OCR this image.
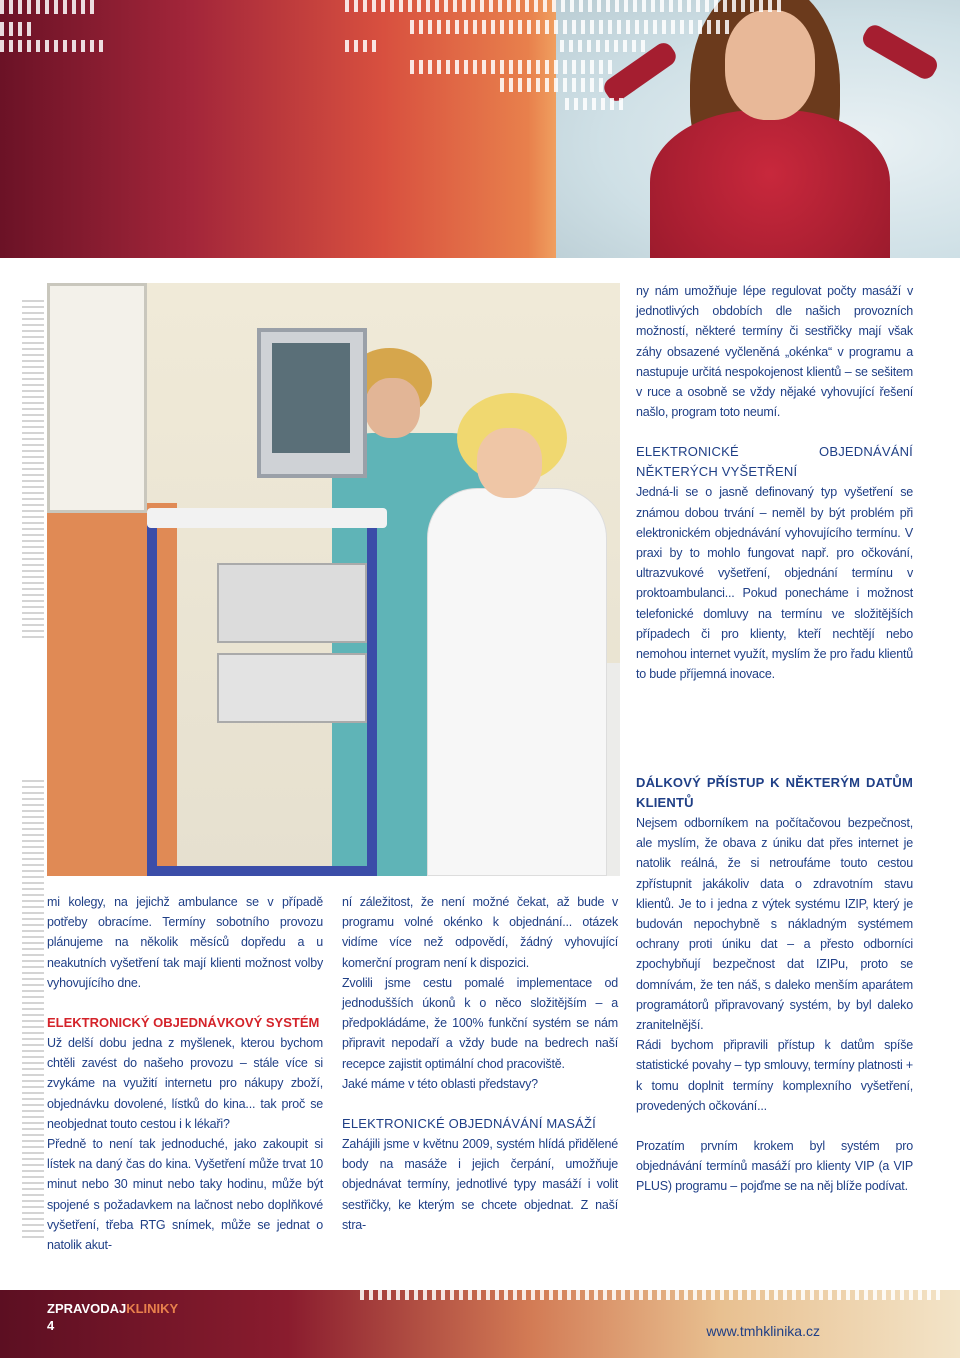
ny nám umožňuje lépe regulovat počty masáží v jednotlivých obdobích dle našich provozních možností, některé termíny či sestřičky mají však záhy obsazené vyčleněná „okénka“ v programu a nastupuje určitá nespokojenost klientů – se sešitem v ruce a osobně se vždy nějaké vyhovující řešení našlo, program toto neumí.

ELEKTRONICKÉ OBJEDNÁVÁNÍ NĚKTERÝCH VYŠETŘENÍ

Jedná-li se o jasně definovaný typ vyšetření se známou dobou trvání – neměl by být problém při elektronickém objednávání vyhovujícího termínu. V praxi by to mohlo fungovat např. pro očkování, ultrazvukové vyšetření, objednání termínu v proktoambulanci... Pokud ponecháme i možnost telefonické domluvy na termínu ve složitějších případech či pro klienty, kteří nechtějí nebo nemohou internet využít, myslím že pro řadu klientů to bude příjemná inovace.

DÁLKOVÝ PŘÍSTUP K NĚKTERÝM DATŮM KLIENTŮ

Nejsem odborníkem na počítačovou bezpečnost, ale myslím, že obava z úniku dat přes internet je natolik reálná, že si netroufáme touto cestou zpřístupnit jakákoliv data o zdravotním stavu klientů. Je to i jedna z výtek systému IZIP, který je budován nepochybně s nákladným systémem ochrany proti úniku dat – a přesto odborníci zpochybňují bezpečnost dat IZIPu, proto se domnívám, že ten náš, s daleko menším aparátem programátorů připravovaný systém, by byl daleko zranitelnější.

Rádi bychom připravili přístup k datům spíše statistické povahy – typ smlouvy, termíny platnosti + k tomu doplnit termíny komplexního vyšetření, provedených očkování...

Prozatím prvním krokem byl systém pro objednávání termínů masáží pro klienty VIP (a VIP PLUS) programu – pojďme se na něj blíže podívat.

mi kolegy, na jejichž ambulance se v případě potřeby obracíme. Termíny sobotního provozu plánujeme na několik měsíců dopředu a u neakutních vyšetření tak mají klienti možnost volby vyhovujícího dne.

ELEKTRONICKÝ OBJEDNÁVKOVÝ SYSTÉM

Už delší dobu jedna z myšlenek, kterou bychom chtěli zavést do našeho provozu – stále více si zvykáme na využití internetu pro nákupy zboží, objednávku dovolené, lístků do kina... tak proč se neobjednat touto cestou i k lékaři?

Předně to není tak jednoduché, jako zakoupit si lístek na daný čas do kina. Vyšetření může trvat 10 minut nebo 30 minut nebo taky hodinu, může být spojené s požadavkem na lačnost nebo doplňkové vyšetření, třeba RTG snímek, může se jednat o natolik akut-

ní záležitost, že není možné čekat, až bude v programu volné okénko k objednání... otázek vidíme více než odpovědí, žádný vyhovující komerční program není k dispozici.

Zvolili jsme cestu pomalé implementace od jednodušších úkonů k o něco složitějším – a předpokládáme, že 100% funkční systém se nám připravit nepodaří a vždy bude na bedrech naší recepce zajistit optimální chod pracoviště.

Jaké máme v této oblasti představy?

ELEKTRONICKÉ OBJEDNÁVÁNÍ MASÁŽÍ

Zahájili jsme v květnu 2009, systém hlídá přidělené body na masáže i jejich čerpání, umožňuje objednávat termíny, jednotlivé typy masáží i volit sestřičky, ke kterým se chcete objednat. Z naší stra-

ZPRAVODAJKLINIKY
4	www.tmhklinika.cz
